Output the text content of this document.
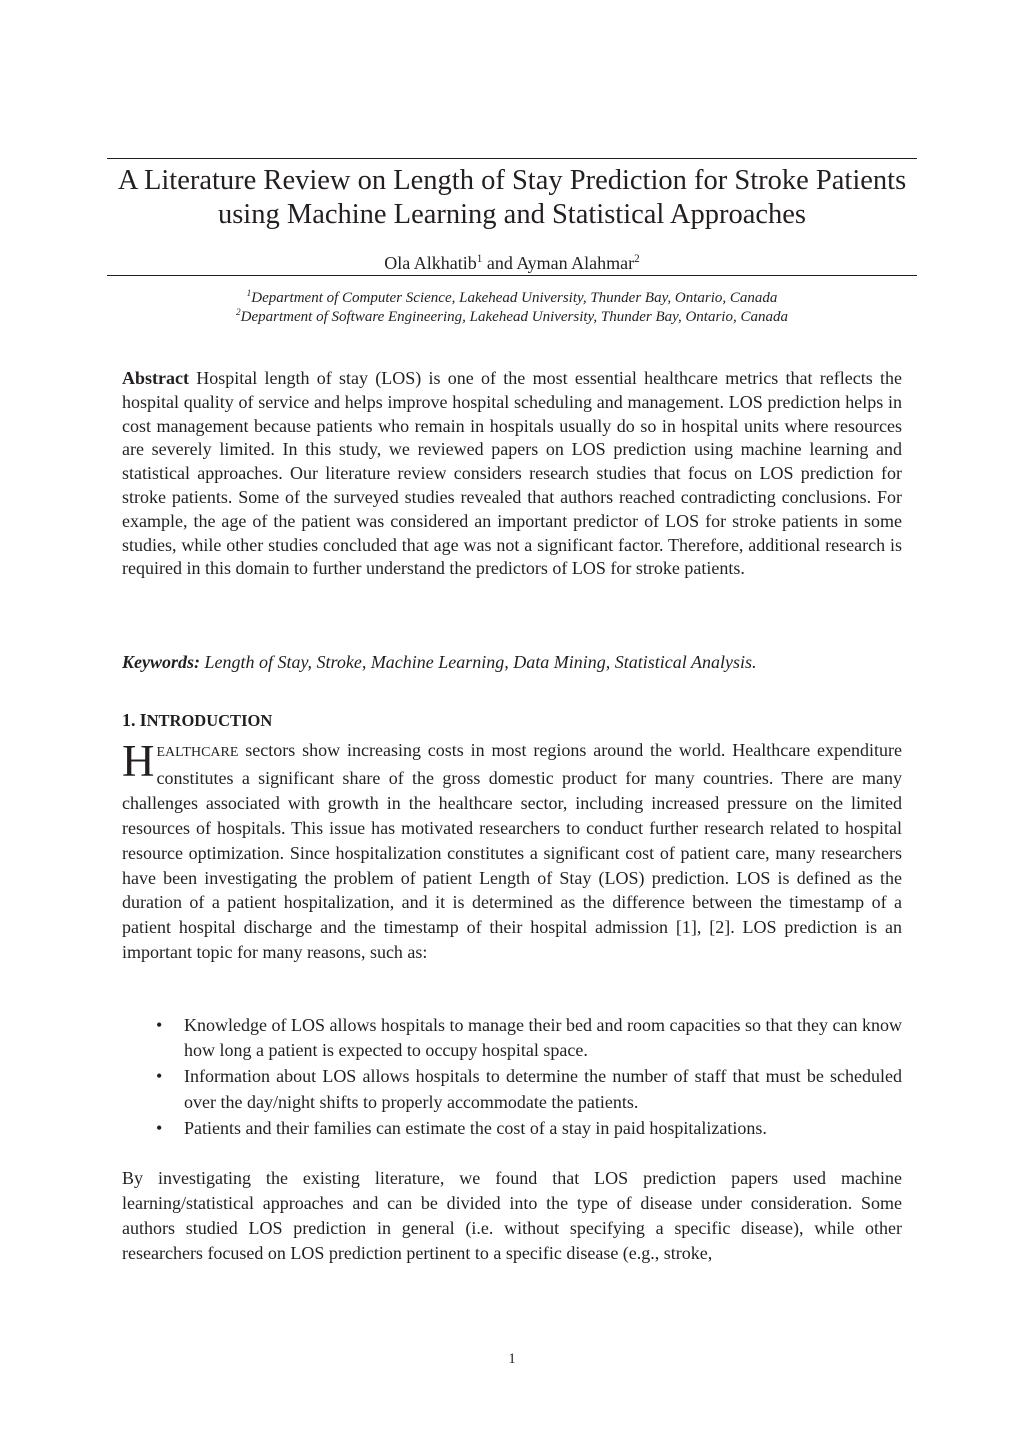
A Literature Review on Length of Stay Prediction for Stroke Patients using Machine Learning and Statistical Approaches
Ola Alkhatib$^1$ and Ayman Alahmar$^2$
$^1$Department of Computer Science, Lakehead University, Thunder Bay, Ontario, Canada
$^2$Department of Software Engineering, Lakehead University, Thunder Bay, Ontario, Canada

Abstract Hospital length of stay (LOS) is one of the most essential healthcare metrics that reflects the hospital quality of service and helps improve hospital scheduling and management. LOS prediction helps in cost management because patients who remain in hospitals usually do so in hospital units where resources are severely limited. In this study, we reviewed papers on LOS prediction using machine learning and statistical approaches. Our literature review considers research studies that focus on LOS prediction for stroke patients. Some of the surveyed studies revealed that authors reached contradicting conclusions. For example, the age of the patient was considered an important predictor of LOS for stroke patients in some studies, while other studies concluded that age was not a significant factor. Therefore, additional research is required in this domain to further understand the predictors of LOS for stroke patients.

Keywords: Length of Stay, Stroke, Machine Learning, Data Mining, Statistical Analysis.

1. INTRODUCTION

HEALTHCARE sectors show increasing costs in most regions around the world. Healthcare expenditure constitutes a significant share of the gross domestic product for many countries. There are many challenges associated with growth in the healthcare sector, including increased pressure on the limited resources of hospitals. This issue has motivated researchers to conduct further research related to hospital resource optimization. Since hospitalization constitutes a significant cost of patient care, many researchers have been investigating the problem of patient Length of Stay (LOS) prediction. LOS is defined as the duration of a patient hospitalization, and it is determined as the difference between the timestamp of a patient hospital discharge and the timestamp of their hospital admission [1], [2]. LOS prediction is an important topic for many reasons, such as:

• Knowledge of LOS allows hospitals to manage their bed and room capacities so that they can know how long a patient is expected to occupy hospital space.
• Information about LOS allows hospitals to determine the number of staff that must be scheduled over the day/night shifts to properly accommodate the patients.
• Patients and their families can estimate the cost of a stay in paid hospitalizations.

By investigating the existing literature, we found that LOS prediction papers used machine learning/statistical approaches and can be divided into the type of disease under consideration. Some authors studied LOS prediction in general (i.e. without specifying a specific disease), while other researchers focused on LOS prediction pertinent to a specific disease (e.g., stroke,

1
